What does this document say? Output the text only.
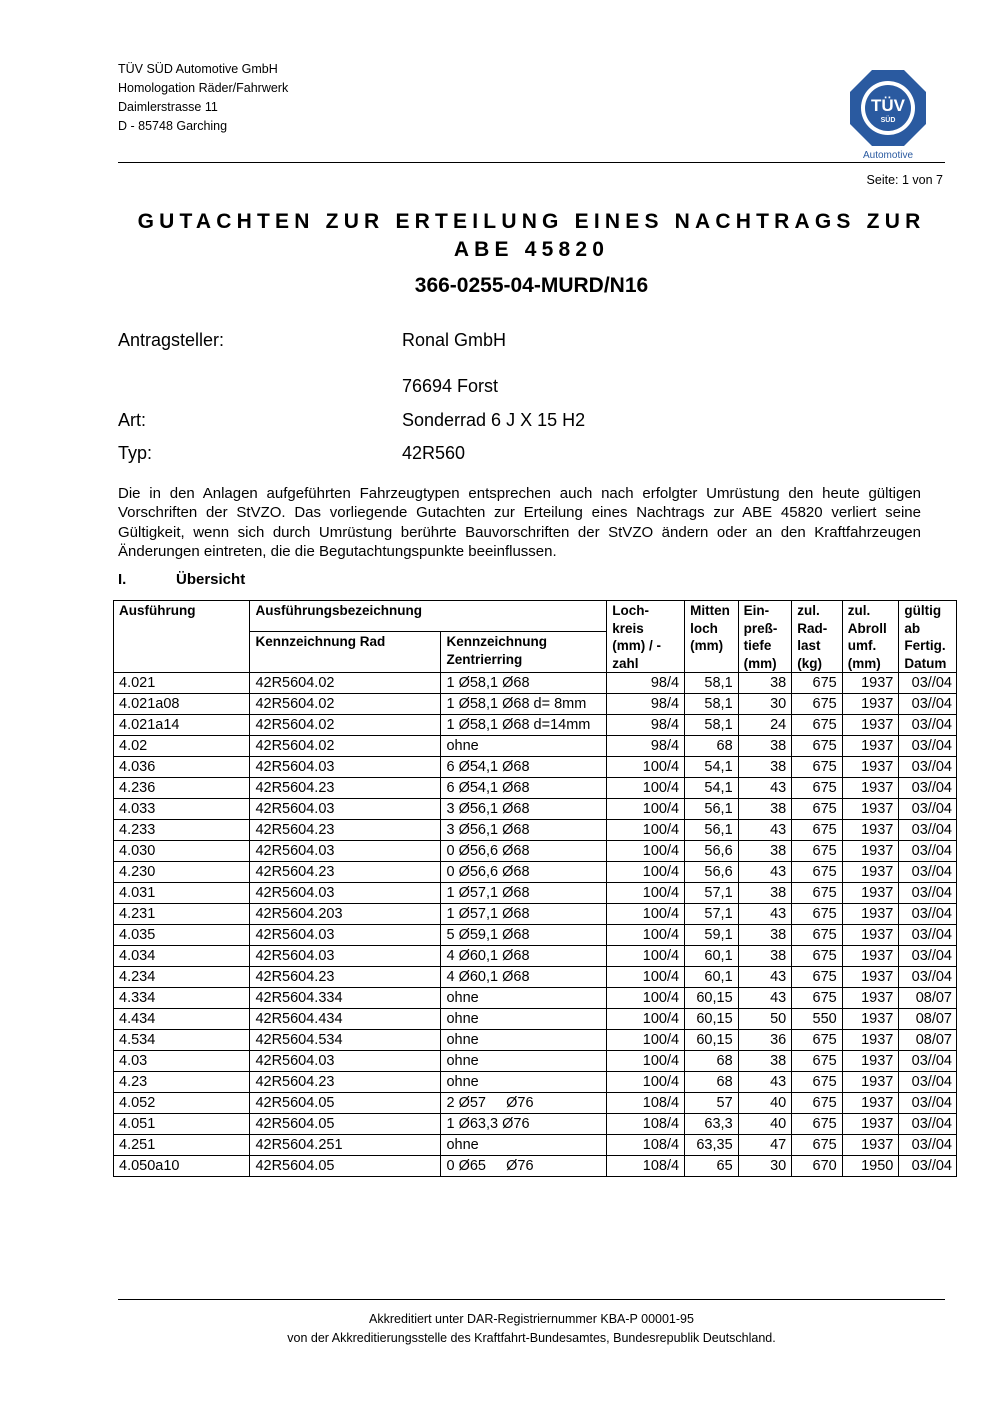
TÜV SÜD Automotive GmbH
Homologation Räder/Fahrwerk
Daimlerstrasse 11
D - 85748 Garching
TÜV
SÜD
Automotive
Seite: 1 von 7
GUTACHTEN ZUR ERTEILUNG EINES NACHTRAGS ZUR
ABE 45820
366-0255-04-MURD/N16
Antragsteller:	Ronal GmbH
76694 Forst
Art:	Sonderrad 6 J X 15 H2
Typ:	42R560
Die in den Anlagen aufgeführten Fahrzeugtypen entsprechen auch nach erfolgter Umrüstung den heute gültigen Vorschriften der StVZO. Das vorliegende Gutachten zur Erteilung eines Nachtrags zur ABE 45820 verliert seine Gültigkeit, wenn sich durch Umrüstung berührte Bauvorschriften der StVZO ändern oder an den Kraftfahrzeugen Änderungen eintreten, die die Begutachtungspunkte beeinflussen.
I.	Übersicht
Ausführung	Ausführungsbezeichnung		Loch-kreis (mm) / -zahl	Mitten loch (mm)	Ein-preß-tiefe (mm)	zul. Rad-last (kg)	zul. Abroll umf. (mm)	gültig ab Fertig. Datum
	Kennzeichnung Rad	Kennzeichnung Zentrierring						
4.021	42R5604.02	1 Ø58,1 Ø68	98/4	58,1	38	675	1937	03//04
4.021a08	42R5604.02	1 Ø58,1 Ø68 d= 8mm	98/4	58,1	30	675	1937	03//04
4.021a14	42R5604.02	1 Ø58,1 Ø68 d=14mm	98/4	58,1	24	675	1937	03//04
4.02	42R5604.02	ohne	98/4	68	38	675	1937	03//04
4.036	42R5604.03	6 Ø54,1 Ø68	100/4	54,1	38	675	1937	03//04
4.236	42R5604.23	6 Ø54,1 Ø68	100/4	54,1	43	675	1937	03//04
4.033	42R5604.03	3 Ø56,1 Ø68	100/4	56,1	38	675	1937	03//04
4.233	42R5604.23	3 Ø56,1 Ø68	100/4	56,1	43	675	1937	03//04
4.030	42R5604.03	0 Ø56,6 Ø68	100/4	56,6	38	675	1937	03//04
4.230	42R5604.23	0 Ø56,6 Ø68	100/4	56,6	43	675	1937	03//04
4.031	42R5604.03	1 Ø57,1 Ø68	100/4	57,1	38	675	1937	03//04
4.231	42R5604.203	1 Ø57,1 Ø68	100/4	57,1	43	675	1937	03//04
4.035	42R5604.03	5 Ø59,1 Ø68	100/4	59,1	38	675	1937	03//04
4.034	42R5604.03	4 Ø60,1 Ø68	100/4	60,1	38	675	1937	03//04
4.234	42R5604.23	4 Ø60,1 Ø68	100/4	60,1	43	675	1937	03//04
4.334	42R5604.334	ohne	100/4	60,15	43	675	1937	08/07
4.434	42R5604.434	ohne	100/4	60,15	50	550	1937	08/07
4.534	42R5604.534	ohne	100/4	60,15	36	675	1937	08/07
4.03	42R5604.03	ohne	100/4	68	38	675	1937	03//04
4.23	42R5604.23	ohne	100/4	68	43	675	1937	03//04
4.052	42R5604.05	2 Ø57     Ø76	108/4	57	40	675	1937	03//04
4.051	42R5604.05	1 Ø63,3 Ø76	108/4	63,3	40	675	1937	03//04
4.251	42R5604.251	ohne	108/4	63,35	47	675	1937	03//04
4.050a10	42R5604.05	0 Ø65     Ø76	108/4	65	30	670	1950	03//04
Akkreditiert unter DAR-Registriernummer KBA-P 00001-95
von der Akkreditierungsstelle des Kraftfahrt-Bundesamtes, Bundesrepublik Deutschland.
